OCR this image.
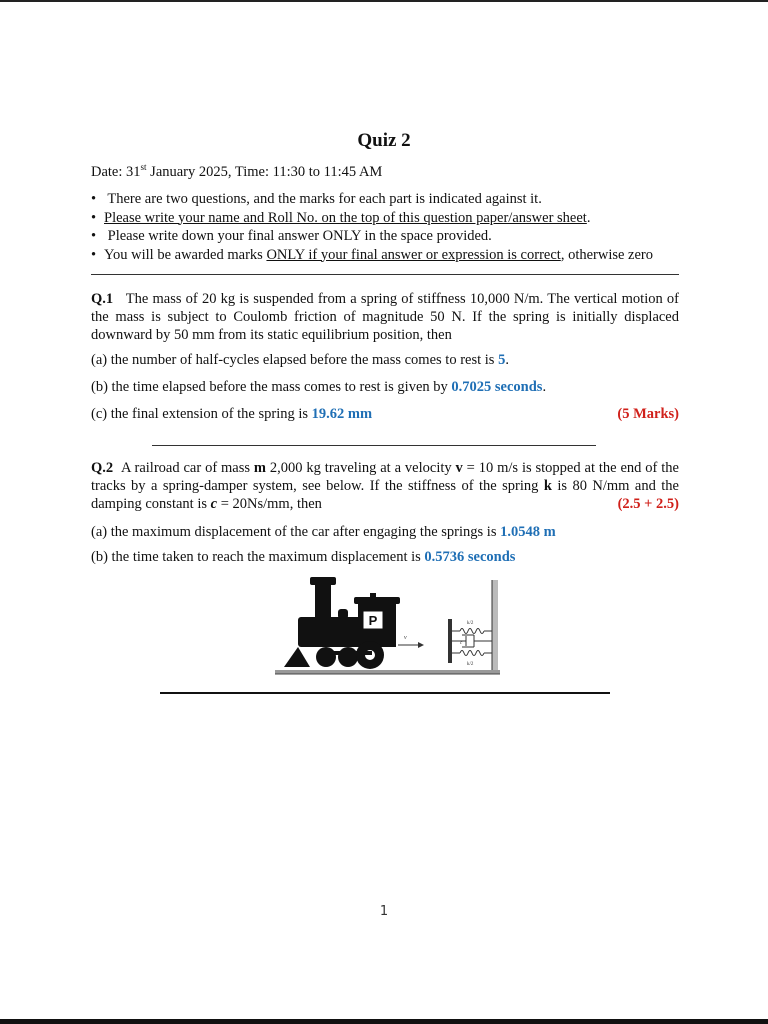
Quiz 2
Date: 31st January 2025, Time: 11:30 to 11:45 AM
• There are two questions, and the marks for each part is indicated against it.
• Please write your name and Roll No. on the top of this question paper/answer sheet.
• Please write down your final answer ONLY in the space provided.
• You will be awarded marks ONLY if your final answer or expression is correct, otherwise zero
Q.1 The mass of 20 kg is suspended from a spring of stiffness 10,000 N/m. The vertical motion of the mass is subject to Coulomb friction of magnitude 50 N. If the spring is initially displaced downward by 50 mm from its static equilibrium position, then
(a) the number of half-cycles elapsed before the mass comes to rest is 5.
(b) the time elapsed before the mass comes to rest is given by 0.7025 seconds.
(c) the final extension of the spring is 19.62 mm	(5 Marks)
Q.2 A railroad car of mass m 2,000 kg traveling at a velocity v = 10 m/s is stopped at the end of the tracks by a spring-damper system, see below. If the stiffness of the spring k is 80 N/mm and the damping constant is c = 20Ns/mm, then	(2.5 + 2.5)
(a) the maximum displacement of the car after engaging the springs is 1.0548 m
(b) the time taken to reach the maximum displacement is 0.5736 seconds
P
v
k/2
c
k/2
1
